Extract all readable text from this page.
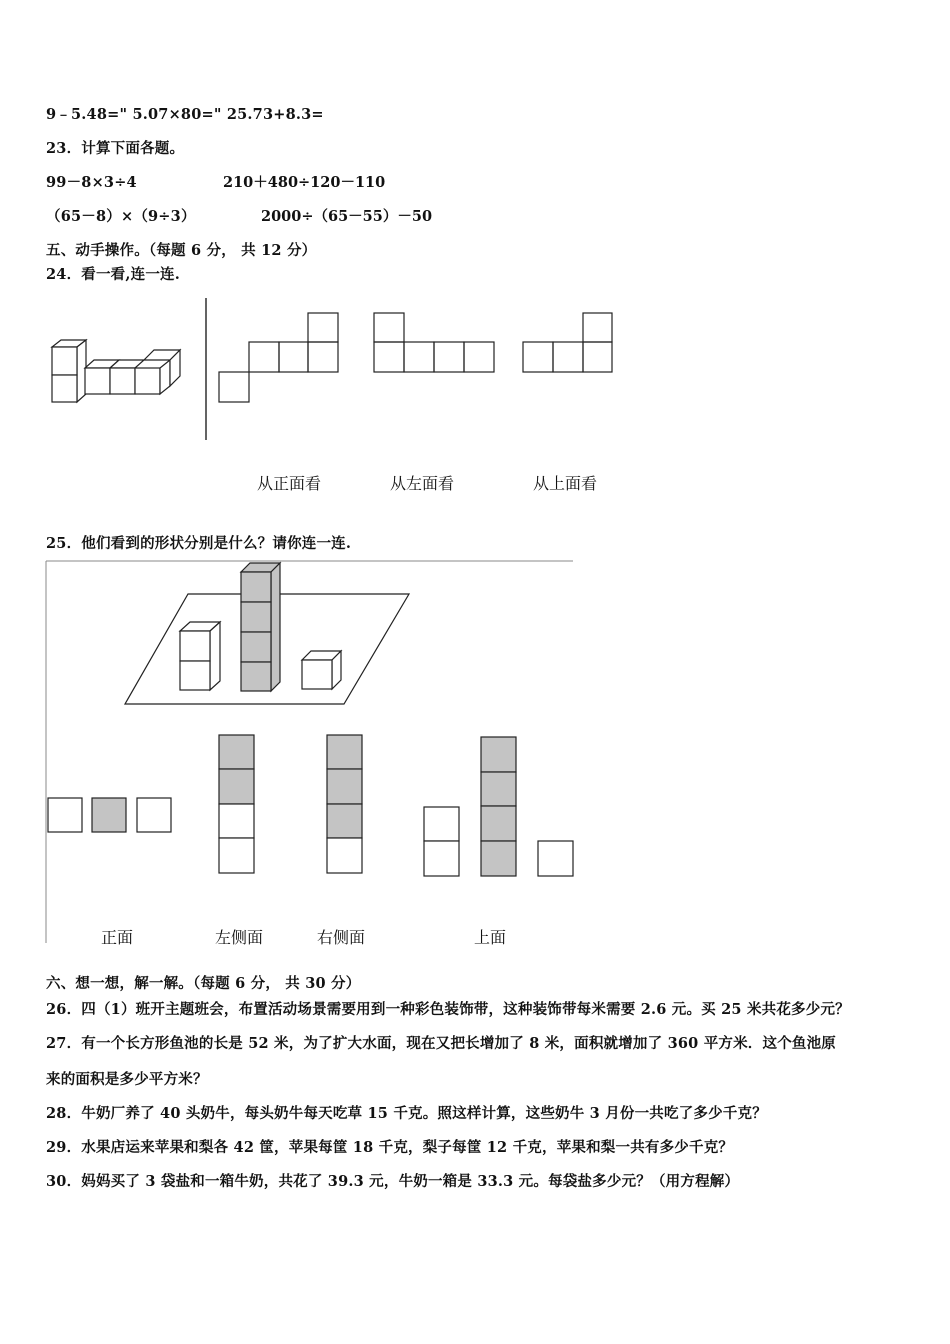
9﹣5.48=" 5.07×80=" 25.73+8.3=
23．计算下面各题。
99－8×3÷4	210＋480÷120－110
（65－8）×（9÷3）	2000÷（65－55）－50
五、动手操作。（每题 6 分， 共 12 分）
24．看一看,连一连.
从正面看	从左面看	从上面看
25．他们看到的形状分别是什么？请你连一连.
正面	左侧面	右侧面	上面
六、想一想，解一解。（每题 6 分， 共 30 分）
26．四（1）班开主题班会，布置活动场景需要用到一种彩色装饰带，这种装饰带每米需要 2.6 元。买 25 米共花多少元？
27．有一个长方形鱼池的长是 52 米，为了扩大水面，现在又把长增加了 8 米，面积就增加了 360 平方米．这个鱼池原
来的面积是多少平方米？
28．牛奶厂养了 40 头奶牛，每头奶牛每天吃草 15 千克。照这样计算，这些奶牛 3 月份一共吃了多少千克？
29．水果店运来苹果和梨各 42 筐，苹果每筐 18 千克，梨子每筐 12 千克，苹果和梨一共有多少千克？
30．妈妈买了 3 袋盐和一箱牛奶，共花了 39.3 元，牛奶一箱是 33.3 元。每袋盐多少元？（用方程解）
